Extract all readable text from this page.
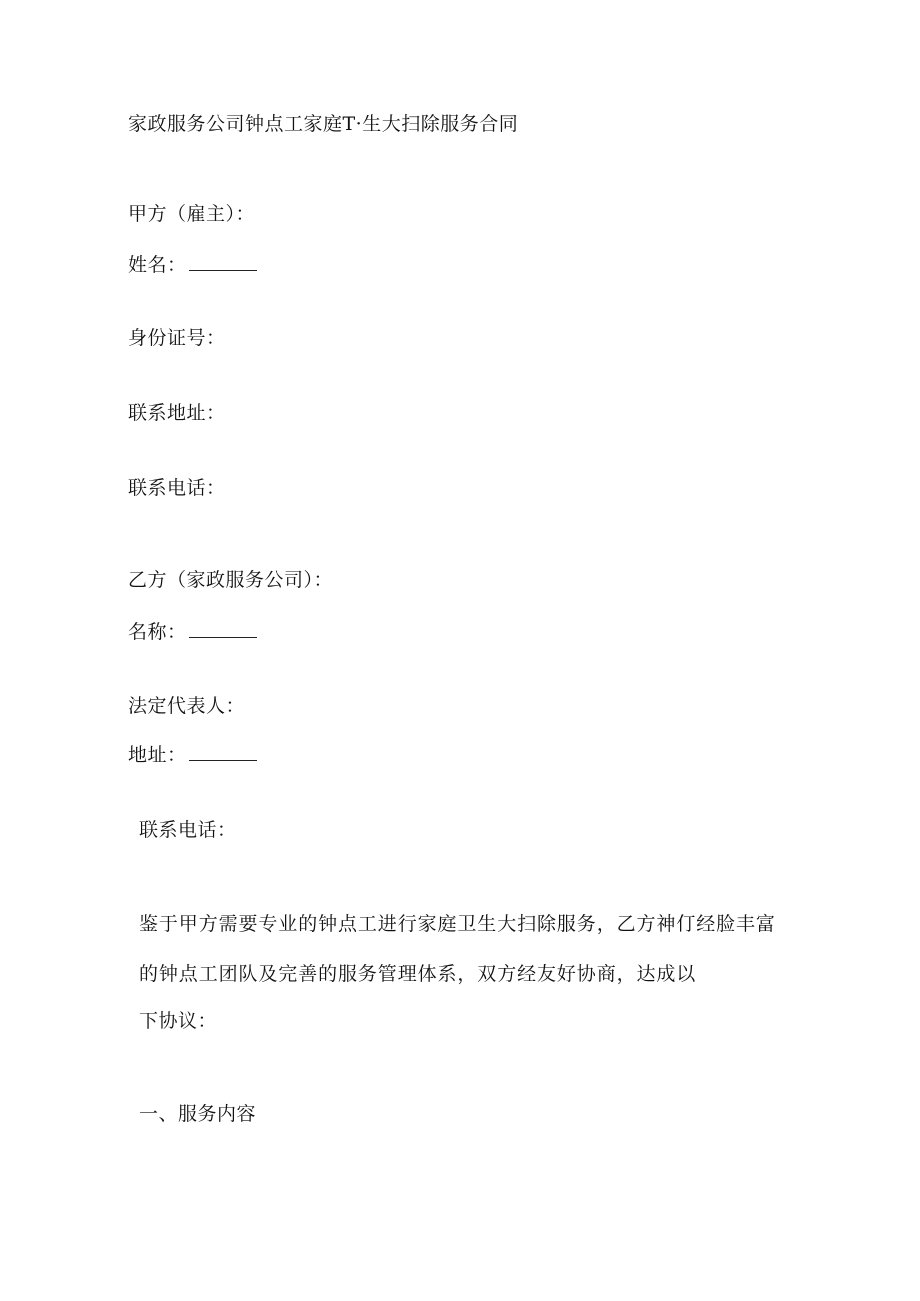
家政服务公司钟点工家庭T·生大扫除服务合同
甲方（雇主）：
姓名：
身份证号：
联系地址：
联系电话：
乙方（家政服务公司）：
名称：
法定代表人：
地址：
联系电话：
鉴于甲方需要专业的钟点工进行家庭卫生大扫除服务，乙方神仃经脸丰富
的钟点工团队及完善的服务管理体系，双方经友好协商，达成以
下协议：
一、服务内容
